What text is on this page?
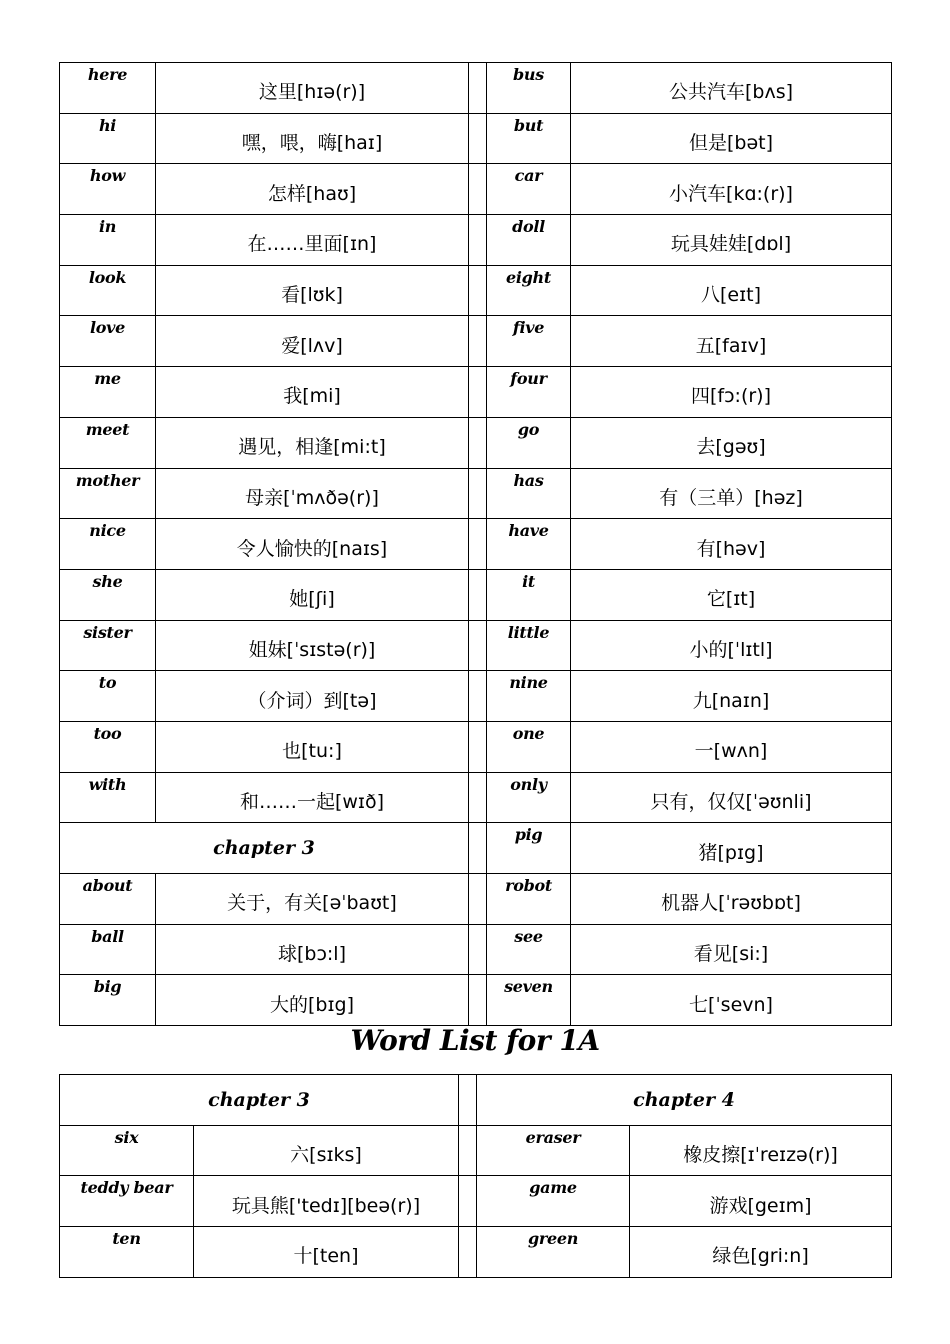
here	这里[hɪə(r)]		bus	公共汽车[bʌs]
hi	嘿，喂，嗨[haɪ]		but	但是[bət]
how	怎样[haʊ]		car	小汽车[kɑ:(r)]
in	在……里面[ɪn]		doll	玩具娃娃[dɒl]
look	看[lʊk]		eight	八[eɪt]
love	爱[lʌv]		five	五[faɪv]
me	我[mi]		four	四[fɔ:(r)]
meet	遇见，相逢[mi:t]		go	去[gəʊ]
mother	母亲[ˈmʌðə(r)]		has	有（三单）[həz]
nice	令人愉快的[naɪs]		have	有[həv]
she	她[ʃi]		it	它[ɪt]
sister	姐妹[ˈsɪstə(r)]		little	小的[ˈlɪtl]
to	（介词）到[tə]		nine	九[naɪn]
too	也[tu:]		one	一[wʌn]
with	和……一起[wɪð]		only	只有，仅仅[ˈəʊnli]
chapter 3			pig	猪[pɪg]
about	关于，有关[əˈbaʊt]		robot	机器人[ˈrəʊbɒt]
ball	球[bɔ:l]		see	看见[si:]
big	大的[bɪg]		seven	七[ˈsevn]
Word List for 1A
chapter 3			chapter 4	
six	六[sɪks]		eraser	橡皮擦[ɪˈreɪzə(r)]
teddy bear	玩具熊['tedɪ][beə(r)]		game	游戏[geɪm]
ten	十[ten]		green	绿色[gri:n]
